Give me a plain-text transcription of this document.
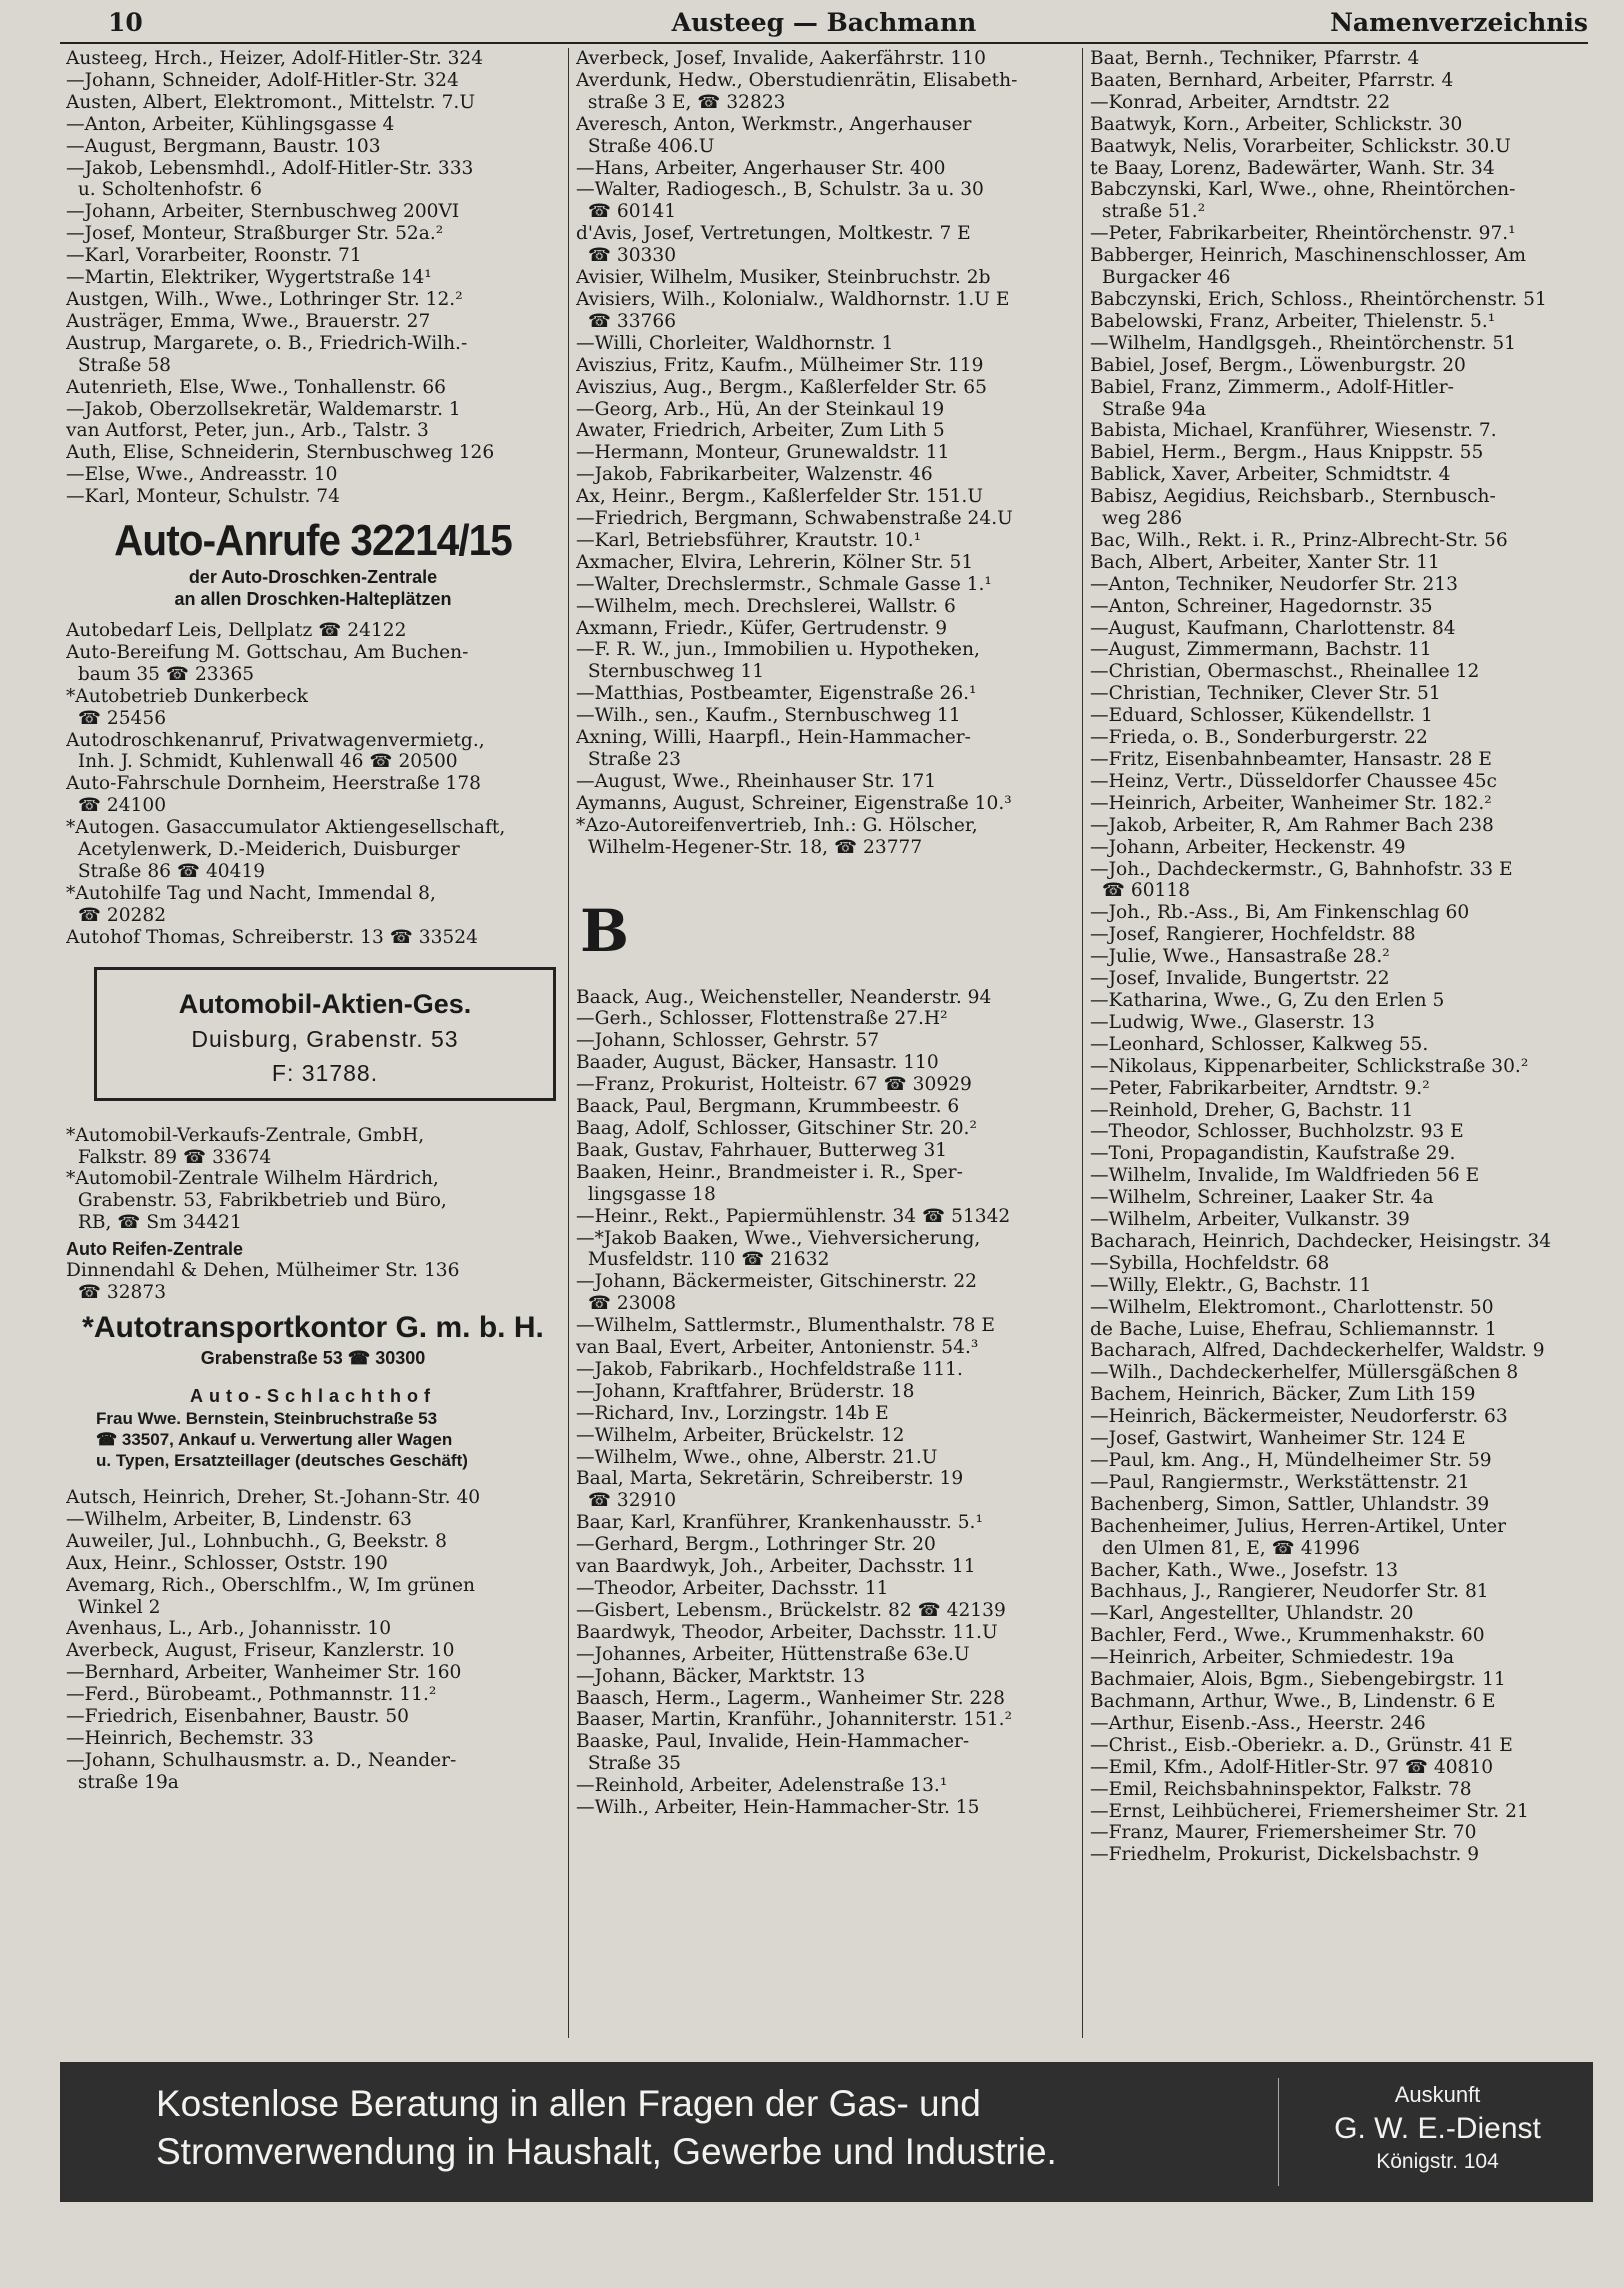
10	Austeeg — Bachmann	Namenverzeichnis
Austeeg, Hrch., Heizer, Adolf-Hitler-Str. 324
—Johann, Schneider, Adolf-Hitler-Str. 324
Austen, Albert, Elektromont., Mittelstr. 7.U
—Anton, Arbeiter, Kühlingsgasse 4
—August, Bergmann, Baustr. 103
—Jakob, Lebensmhdl., Adolf-Hitler-Str. 333
u. Scholtenhofstr. 6
—Johann, Arbeiter, Sternbuschweg 200VI
—Josef, Monteur, Straßburger Str. 52a.²
—Karl, Vorarbeiter, Roonstr. 71
—Martin, Elektriker, Wygertstraße 14¹
Austgen, Wilh., Wwe., Lothringer Str. 12.²
Austräger, Emma, Wwe., Brauerstr. 27
Austrup, Margarete, o. B., Friedrich-Wilh.-
Straße 58
Autenrieth, Else, Wwe., Tonhallenstr. 66
—Jakob, Oberzollsekretär, Waldemarstr. 1
van Autforst, Peter, jun., Arb., Talstr. 3
Auth, Elise, Schneiderin, Sternbuschweg 126
—Else, Wwe., Andreasstr. 10
—Karl, Monteur, Schulstr. 74
Auto-Anrufe 32214/15
der Auto-Droschken-Zentrale
an allen Droschken-Halteplätzen
Autobedarf Leis, Dellplatz ☎ 24122
Auto-Bereifung M. Gottschau, Am Buchen-
baum 35 ☎ 23365
*Autobetrieb Dunkerbeck
☎ 25456
Autodroschkenanruf, Privatwagenvermietg.,
Inh. J. Schmidt, Kuhlenwall 46 ☎ 20500
Auto-Fahrschule Dornheim, Heerstraße 178
☎ 24100
*Autogen. Gasaccumulator Aktiengesellschaft,
Acetylenwerk, D.-Meiderich, Duisburger
Straße 86 ☎ 40419
*Autohilfe Tag und Nacht, Immendal 8,
☎ 20282
Autohof Thomas, Schreiberstr. 13 ☎ 33524
Automobil-Aktien-Ges.
Duisburg, Grabenstr. 53
F: 31788.
*Automobil-Verkaufs-Zentrale, GmbH,
Falkstr. 89 ☎ 33674
*Automobil-Zentrale Wilhelm Härdrich,
Grabenstr. 53, Fabrikbetrieb und Büro,
RB, ☎ Sm 34421
Auto Reifen-Zentrale
Dinnendahl & Dehen, Mülheimer Str. 136
☎ 32873
*Autotransportkontor G. m. b. H.
Grabenstraße 53 ☎ 30300
Auto-Schlachthof
Frau Wwe. Bernstein, Steinbruchstraße 53
☎ 33507, Ankauf u. Verwertung aller Wagen
u. Typen, Ersatzteillager (deutsches Geschäft)
Autsch, Heinrich, Dreher, St.-Johann-Str. 40
—Wilhelm, Arbeiter, B, Lindenstr. 63
Auweiler, Jul., Lohnbuchh., G, Beekstr. 8
Aux, Heinr., Schlosser, Oststr. 190
Avemarg, Rich., Oberschlfm., W, Im grünen
Winkel 2
Avenhaus, L., Arb., Johannisstr. 10
Averbeck, August, Friseur, Kanzlerstr. 10
—Bernhard, Arbeiter, Wanheimer Str. 160
—Ferd., Bürobeamt., Pothmannstr. 11.²
—Friedrich, Eisenbahner, Baustr. 50
—Heinrich, Bechemstr. 33
—Johann, Schulhausmstr. a. D., Neander-
straße 19a
Averbeck, Josef, Invalide, Aakerfährstr. 110
Averdunk, Hedw., Oberstudienrätin, Elisabeth-
straße 3 E, ☎ 32823
Averesch, Anton, Werkmstr., Angerhauser
Straße 406.U
—Hans, Arbeiter, Angerhauser Str. 400
—Walter, Radiogesch., B, Schulstr. 3a u. 30
☎ 60141
d'Avis, Josef, Vertretungen, Moltkestr. 7 E
☎ 30330
Avisier, Wilhelm, Musiker, Steinbruchstr. 2b
Avisiers, Wilh., Kolonialw., Waldhornstr. 1.U E
☎ 33766
—Willi, Chorleiter, Waldhornstr. 1
Aviszius, Fritz, Kaufm., Mülheimer Str. 119
Aviszius, Aug., Bergm., Kaßlerfelder Str. 65
—Georg, Arb., Hü, An der Steinkaul 19
Awater, Friedrich, Arbeiter, Zum Lith 5
—Hermann, Monteur, Grunewaldstr. 11
—Jakob, Fabrikarbeiter, Walzenstr. 46
Ax, Heinr., Bergm., Kaßlerfelder Str. 151.U
—Friedrich, Bergmann, Schwabenstraße 24.U
—Karl, Betriebsführer, Krautstr. 10.¹
Axmacher, Elvira, Lehrerin, Kölner Str. 51
—Walter, Drechslermstr., Schmale Gasse 1.¹
—Wilhelm, mech. Drechslerei, Wallstr. 6
Axmann, Friedr., Küfer, Gertrudenstr. 9
—F. R. W., jun., Immobilien u. Hypotheken,
Sternbuschweg 11
—Matthias, Postbeamter, Eigenstraße 26.¹
—Wilh., sen., Kaufm., Sternbuschweg 11
Axning, Willi, Haarpfl., Hein-Hammacher-
Straße 23
—August, Wwe., Rheinhauser Str. 171
Aymanns, August, Schreiner, Eigenstraße 10.³
*Azo-Autoreifenvertrieb, Inh.: G. Hölscher,
Wilhelm-Hegener-Str. 18, ☎ 23777
B
Baack, Aug., Weichensteller, Neanderstr. 94
—Gerh., Schlosser, Flottenstraße 27.H²
—Johann, Schlosser, Gehrstr. 57
Baader, August, Bäcker, Hansastr. 110
—Franz, Prokurist, Holteistr. 67 ☎ 30929
Baack, Paul, Bergmann, Krummbeestr. 6
Baag, Adolf, Schlosser, Gitschiner Str. 20.²
Baak, Gustav, Fahrhauer, Butterweg 31
Baaken, Heinr., Brandmeister i. R., Sper-
lingsgasse 18
—Heinr., Rekt., Papiermühlenstr. 34 ☎ 51342
—*Jakob Baaken, Wwe., Viehversicherung,
Musfeldstr. 110 ☎ 21632
—Johann, Bäckermeister, Gitschinerstr. 22
☎ 23008
—Wilhelm, Sattlermstr., Blumenthalstr. 78 E
van Baal, Evert, Arbeiter, Antonienstr. 54.³
—Jakob, Fabrikarb., Hochfeldstraße 111.
—Johann, Kraftfahrer, Brüderstr. 18
—Richard, Inv., Lorzingstr. 14b E
—Wilhelm, Arbeiter, Brückelstr. 12
—Wilhelm, Wwe., ohne, Alberstr. 21.U
Baal, Marta, Sekretärin, Schreiberstr. 19
☎ 32910
Baar, Karl, Kranführer, Krankenhausstr. 5.¹
—Gerhard, Bergm., Lothringer Str. 20
van Baardwyk, Joh., Arbeiter, Dachsstr. 11
—Theodor, Arbeiter, Dachsstr. 11
—Gisbert, Lebensm., Brückelstr. 82 ☎ 42139
Baardwyk, Theodor, Arbeiter, Dachsstr. 11.U
—Johannes, Arbeiter, Hüttenstraße 63e.U
—Johann, Bäcker, Marktstr. 13
Baasch, Herm., Lagerm., Wanheimer Str. 228
Baaser, Martin, Kranführ., Johanniterstr. 151.²
Baaske, Paul, Invalide, Hein-Hammacher-
Straße 35
—Reinhold, Arbeiter, Adelenstraße 13.¹
—Wilh., Arbeiter, Hein-Hammacher-Str. 15
Baat, Bernh., Techniker, Pfarrstr. 4
Baaten, Bernhard, Arbeiter, Pfarrstr. 4
—Konrad, Arbeiter, Arndtstr. 22
Baatwyk, Korn., Arbeiter, Schlickstr. 30
Baatwyk, Nelis, Vorarbeiter, Schlickstr. 30.U
te Baay, Lorenz, Badewärter, Wanh. Str. 34
Babczynski, Karl, Wwe., ohne, Rheintörchen-
straße 51.²
—Peter, Fabrikarbeiter, Rheintörchenstr. 97.¹
Babberger, Heinrich, Maschinenschlosser, Am
Burgacker 46
Babczynski, Erich, Schloss., Rheintörchenstr. 51
Babelowski, Franz, Arbeiter, Thielenstr. 5.¹
—Wilhelm, Handlgsgeh., Rheintörchenstr. 51
Babiel, Josef, Bergm., Löwenburgstr. 20
Babiel, Franz, Zimmerm., Adolf-Hitler-
Straße 94a
Babista, Michael, Kranführer, Wiesenstr. 7.
Babiel, Herm., Bergm., Haus Knippstr. 55
Bablick, Xaver, Arbeiter, Schmidtstr. 4
Babisz, Aegidius, Reichsbarb., Sternbusch-
weg 286
Bac, Wilh., Rekt. i. R., Prinz-Albrecht-Str. 56
Bach, Albert, Arbeiter, Xanter Str. 11
—Anton, Techniker, Neudorfer Str. 213
—Anton, Schreiner, Hagedornstr. 35
—August, Kaufmann, Charlottenstr. 84
—August, Zimmermann, Bachstr. 11
—Christian, Obermaschst., Rheinallee 12
—Christian, Techniker, Clever Str. 51
—Eduard, Schlosser, Kükendellstr. 1
—Frieda, o. B., Sonderburgerstr. 22
—Fritz, Eisenbahnbeamter, Hansastr. 28 E
—Heinz, Vertr., Düsseldorfer Chaussee 45c
—Heinrich, Arbeiter, Wanheimer Str. 182.²
—Jakob, Arbeiter, R, Am Rahmer Bach 238
—Johann, Arbeiter, Heckenstr. 49
—Joh., Dachdeckermstr., G, Bahnhofstr. 33 E
☎ 60118
—Joh., Rb.-Ass., Bi, Am Finkenschlag 60
—Josef, Rangierer, Hochfeldstr. 88
—Julie, Wwe., Hansastraße 28.²
—Josef, Invalide, Bungertstr. 22
—Katharina, Wwe., G, Zu den Erlen 5
—Ludwig, Wwe., Glaserstr. 13
—Leonhard, Schlosser, Kalkweg 55.
—Nikolaus, Kippenarbeiter, Schlickstraße 30.²
—Peter, Fabrikarbeiter, Arndtstr. 9.²
—Reinhold, Dreher, G, Bachstr. 11
—Theodor, Schlosser, Buchholzstr. 93 E
—Toni, Propagandistin, Kaufstraße 29.
—Wilhelm, Invalide, Im Waldfrieden 56 E
—Wilhelm, Schreiner, Laaker Str. 4a
—Wilhelm, Arbeiter, Vulkanstr. 39
Bacharach, Heinrich, Dachdecker, Heisingstr. 34
—Sybilla, Hochfeldstr. 68
—Willy, Elektr., G, Bachstr. 11
—Wilhelm, Elektromont., Charlottenstr. 50
de Bache, Luise, Ehefrau, Schliemannstr. 1
Bacharach, Alfred, Dachdeckerhelfer, Waldstr. 9
—Wilh., Dachdeckerhelfer, Müllersgäßchen 8
Bachem, Heinrich, Bäcker, Zum Lith 159
—Heinrich, Bäckermeister, Neudorferstr. 63
—Josef, Gastwirt, Wanheimer Str. 124 E
—Paul, km. Ang., H, Mündelheimer Str. 59
—Paul, Rangiermstr., Werkstättenstr. 21
Bachenberg, Simon, Sattler, Uhlandstr. 39
Bachenheimer, Julius, Herren-Artikel, Unter
den Ulmen 81, E, ☎ 41996
Bacher, Kath., Wwe., Josefstr. 13
Bachhaus, J., Rangierer, Neudorfer Str. 81
—Karl, Angestellter, Uhlandstr. 20
Bachler, Ferd., Wwe., Krummenhakstr. 60
—Heinrich, Arbeiter, Schmiedestr. 19a
Bachmaier, Alois, Bgm., Siebengebirgstr. 11
Bachmann, Arthur, Wwe., B, Lindenstr. 6 E
—Arthur, Eisenb.-Ass., Heerstr. 246
—Christ., Eisb.-Oberiekr. a. D., Grünstr. 41 E
—Emil, Kfm., Adolf-Hitler-Str. 97 ☎ 40810
—Emil, Reichsbahninspektor, Falkstr. 78
—Ernst, Leihbücherei, Friemersheimer Str. 21
—Franz, Maurer, Friemersheimer Str. 70
—Friedhelm, Prokurist, Dickelsbachstr. 9
Kostenlose Beratung in allen Fragen der Gas- und
Stromverwendung in Haushalt, Gewerbe und Industrie.
Auskunft
G. W. E.-Dienst
Königstr. 104
